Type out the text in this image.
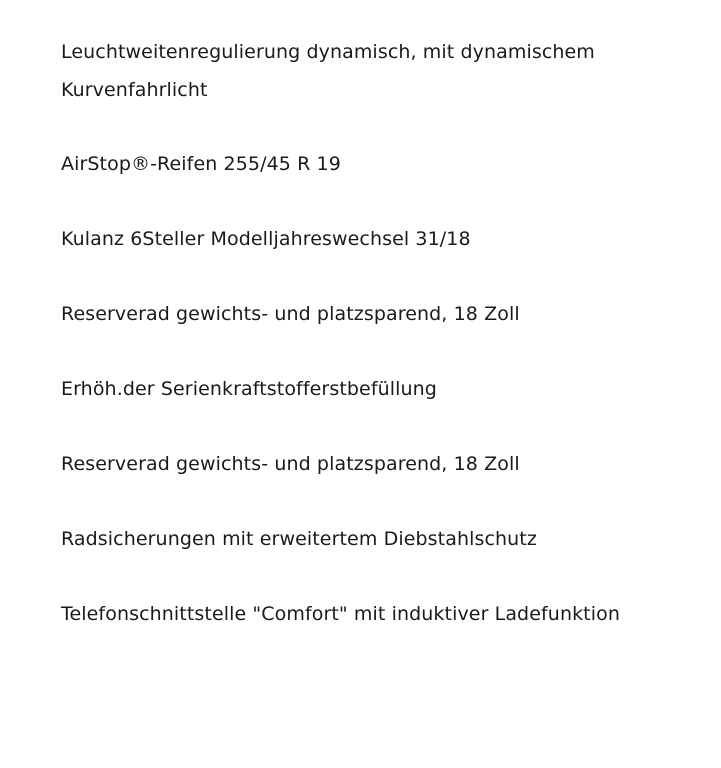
Leuchtweitenregulierung dynamisch, mit dynamischem Kurvenfahrlicht
AirStop®-Reifen 255/45 R 19
Kulanz 6Steller Modelljahreswechsel 31/18
Reserverad gewichts- und platzsparend, 18 Zoll
Erhöh.der Serienkraftstofferstbefüllung
Reserverad gewichts- und platzsparend, 18 Zoll
Radsicherungen mit erweitertem Diebstahlschutz
Telefonschnittstelle "Comfort" mit induktiver Ladefunktion
